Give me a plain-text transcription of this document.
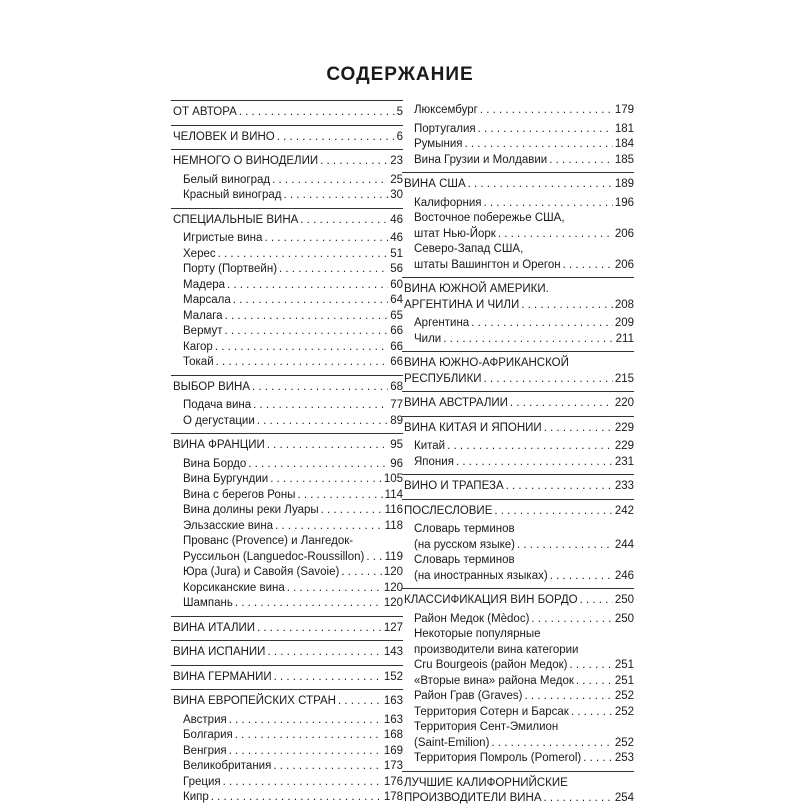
СОДЕРЖАНИЕ
ОТ АВТОРА . . .	5
ЧЕЛОВЕК И ВИНО . . .	6
НЕМНОГО О ВИНОДЕЛИИ . . .	23
Белый виноград . . .	25
Красный виноград . . .	30
СПЕЦИАЛЬНЫЕ ВИНА . . .	46
Игристые вина . . .	46
Херес . . .	51
Порту (Портвейн) . . .	56
Мадера . . .	60
Марсала . . .	64
Малага . . .	65
Вермут . . .	66
Кагор . . .	66
Токай . . .	66
ВЫБОР ВИНА . . .	68
Подача вина . . .	77
О дегустации . . .	89
ВИНА ФРАНЦИИ . . .	95
Вина Бордо . . .	96
Вина Бургундии . . .	105
Вина с берегов Роны . . .	114
Вина долины реки Луары . . .	116
Эльзасские вина . . .	118
Прованс (Provence) и Лангедок-
Руссильон (Languedoc-Roussillon) . . . 119
Юра (Jura) и Савойя (Savoie) . . .	120
Корсиканские вина . . .	120
Шампань . . .	120
ВИНА ИТАЛИИ . . .	127
ВИНА ИСПАНИИ . . .	143
ВИНА ГЕРМАНИИ . . .	152
ВИНА ЕВРОПЕЙСКИХ СТРАН . . .	163
Австрия . . .	163
Болгария . . .	168
Венгрия . . .	169
Великобритания . . .	173
Греция . . .	176
Кипр . . .	178
Люксембург . . .	179
Португалия . . .	181
Румыния . . .	184
Вина Грузии и Молдавии . . .	185
ВИНА США . . .	189
Калифорния . . .	196
Восточное побережье США,
штат Нью-Йорк . . .	206
Северо-Запад США,
штаты Вашингтон и Орегон . . .	206
ВИНА ЮЖНОЙ АМЕРИКИ.
АРГЕНТИНА И ЧИЛИ . . .	208
Аргентина . . .	209
Чили . . .	211
ВИНА ЮЖНО-АФРИКАНСКОЙ
РЕСПУБЛИКИ . . .	215
ВИНА АВСТРАЛИИ . . .	220
ВИНА КИТАЯ И ЯПОНИИ . . .	229
Китай . . .	229
Япония . . .	231
ВИНО И ТРАПЕЗА . . .	233
ПОСЛЕСЛОВИЕ . . .	242
Словарь терминов
(на русском языке) . . .	244
Словарь терминов
(на иностранных языках) . . .	246
КЛАССИФИКАЦИЯ ВИН БОРДО . . .	250
Район Медок (Mèdoc) . . .	250
Некоторые популярные
производители вина категории
Cru Bourgeois (район Медок) . . .	251
«Вторые вина» района Медок . . .	251
Район Грав (Graves) . . .	252
Территория Сотерн и Барсак . . .	252
Территория Сент-Эмилион
(Saint-Emilion) . . .	252
Территория Помроль (Pomerol) . . .	253
ЛУЧШИЕ КАЛИФОРНИЙСКИЕ
ПРОИЗВОДИТЕЛИ ВИНА . . .	254
